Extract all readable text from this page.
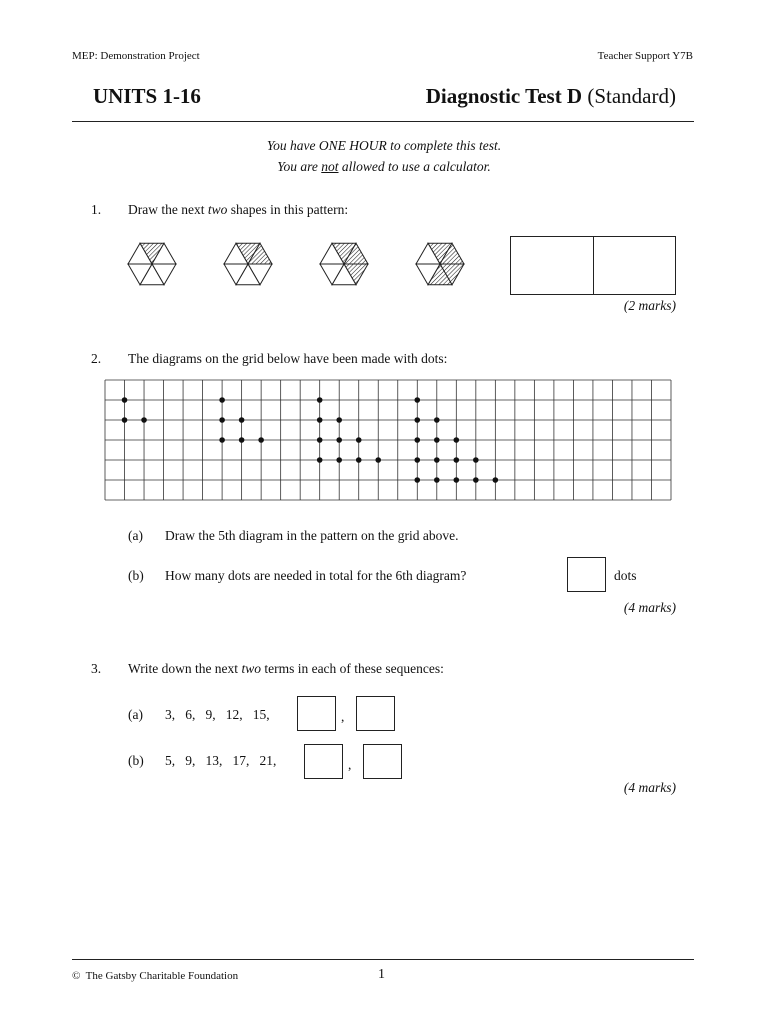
MEP: Demonstration Project	Teacher Support Y7B
UNITS 1-16	Diagnostic Test D (Standard)
You have ONE HOUR to complete this test.
You are not allowed to use a calculator.
1. Draw the next two shapes in this pattern:
(2 marks)
2. The diagrams on the grid below have been made with dots:
(a) Draw the 5th diagram in the pattern on the grid above.
(b) How many dots are needed in total for the 6th diagram?	dots
(4 marks)
3. Write down the next two terms in each of these sequences:
(a) 3,   6,   9,   12,   15,	,
(b) 5,   9,   13,   17,   21,	,
(4 marks)
© The Gatsby Charitable Foundation	1
